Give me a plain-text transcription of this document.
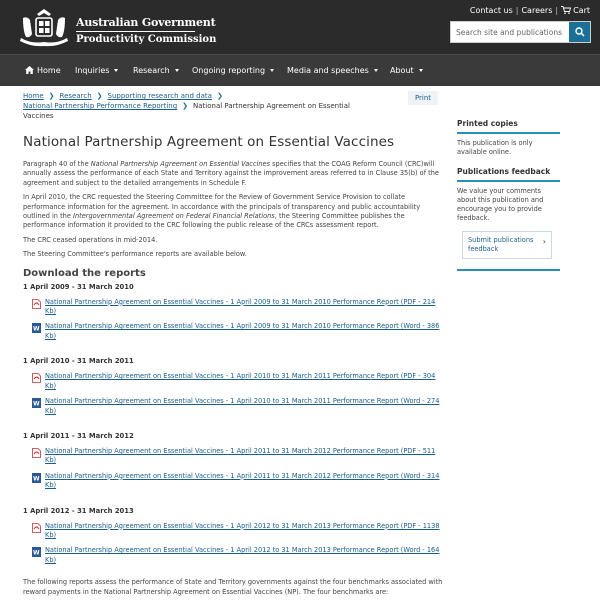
Australian Government
Productivity Commission
Contact us | Careers | Cart
Search site and publications
Home Inquiries	Research	Ongoing reporting	Media and speeches	About
Home ❯ Research ❯ Supporting research and data ❯
National Partnership Performance Reporting ❯ National Partnership Agreement on Essential Vaccines
Print
National Partnership Agreement on Essential Vaccines

Paragraph 40 of the National Partnership Agreement on Essential Vaccines specifies that the COAG Reform Council (CRC)will annually assess the performance of each State and Territory against the improvement areas referred to in Clause 35(b) of the agreement and subject to the detailed arrangements in Schedule F.

In April 2010, the CRC requested the Steering Committee for the Review of Government Service Provision to collate performance information for the agreement. In accordance with the principals of transparency and public accountability outlined in the Intergovernmental Agreement on Federal Financial Relations, the Steering Committee publishes the performance information it provided to the CRC following the public release of the CRCs assessment report.

The CRC ceased operations in mid-2014.

The Steering Committee's performance reports are available below.

Download the reports
1 April 2009 - 31 March 2010
National Partnership Agreement on Essential Vaccines - 1 April 2009 to 31 March 2010 Performance Report (PDF - 214 Kb)
W National Partnership Agreement on Essential Vaccines - 1 April 2009 to 31 March 2010 Performance Report (Word - 386 Kb)
1 April 2010 - 31 March 2011
National Partnership Agreement on Essential Vaccines - 1 April 2010 to 31 March 2011 Performance Report (PDF - 304 Kb)
W National Partnership Agreement on Essential Vaccines - 1 April 2010 to 31 March 2011 Performance Report (Word - 274 Kb)
1 April 2011 - 31 March 2012
National Partnership Agreement on Essential Vaccines - 1 April 2011 to 31 March 2012 Performance Report (PDF - 511 Kb)
W National Partnership Agreement on Essential Vaccines - 1 April 2011 to 31 March 2012 Performance Report (Word - 314 Kb)
1 April 2012 - 31 March 2013
National Partnership Agreement on Essential Vaccines - 1 April 2012 to 31 March 2013 Performance Report (PDF - 1138 Kb)
W National Partnership Agreement on Essential Vaccines - 1 April 2012 to 31 March 2013 Performance Report (Word - 164 Kb)

The following reports assess the performance of State and Territory governments against the four benchmarks associated with reward payments in the National Partnership Agreement on Essential Vaccines (NP). The four benchmarks are:

Printed copies
This publication is only available online.
Publications feedback
We value your comments about this publication and encourage you to provide feedback.
Submit publications feedback
›
